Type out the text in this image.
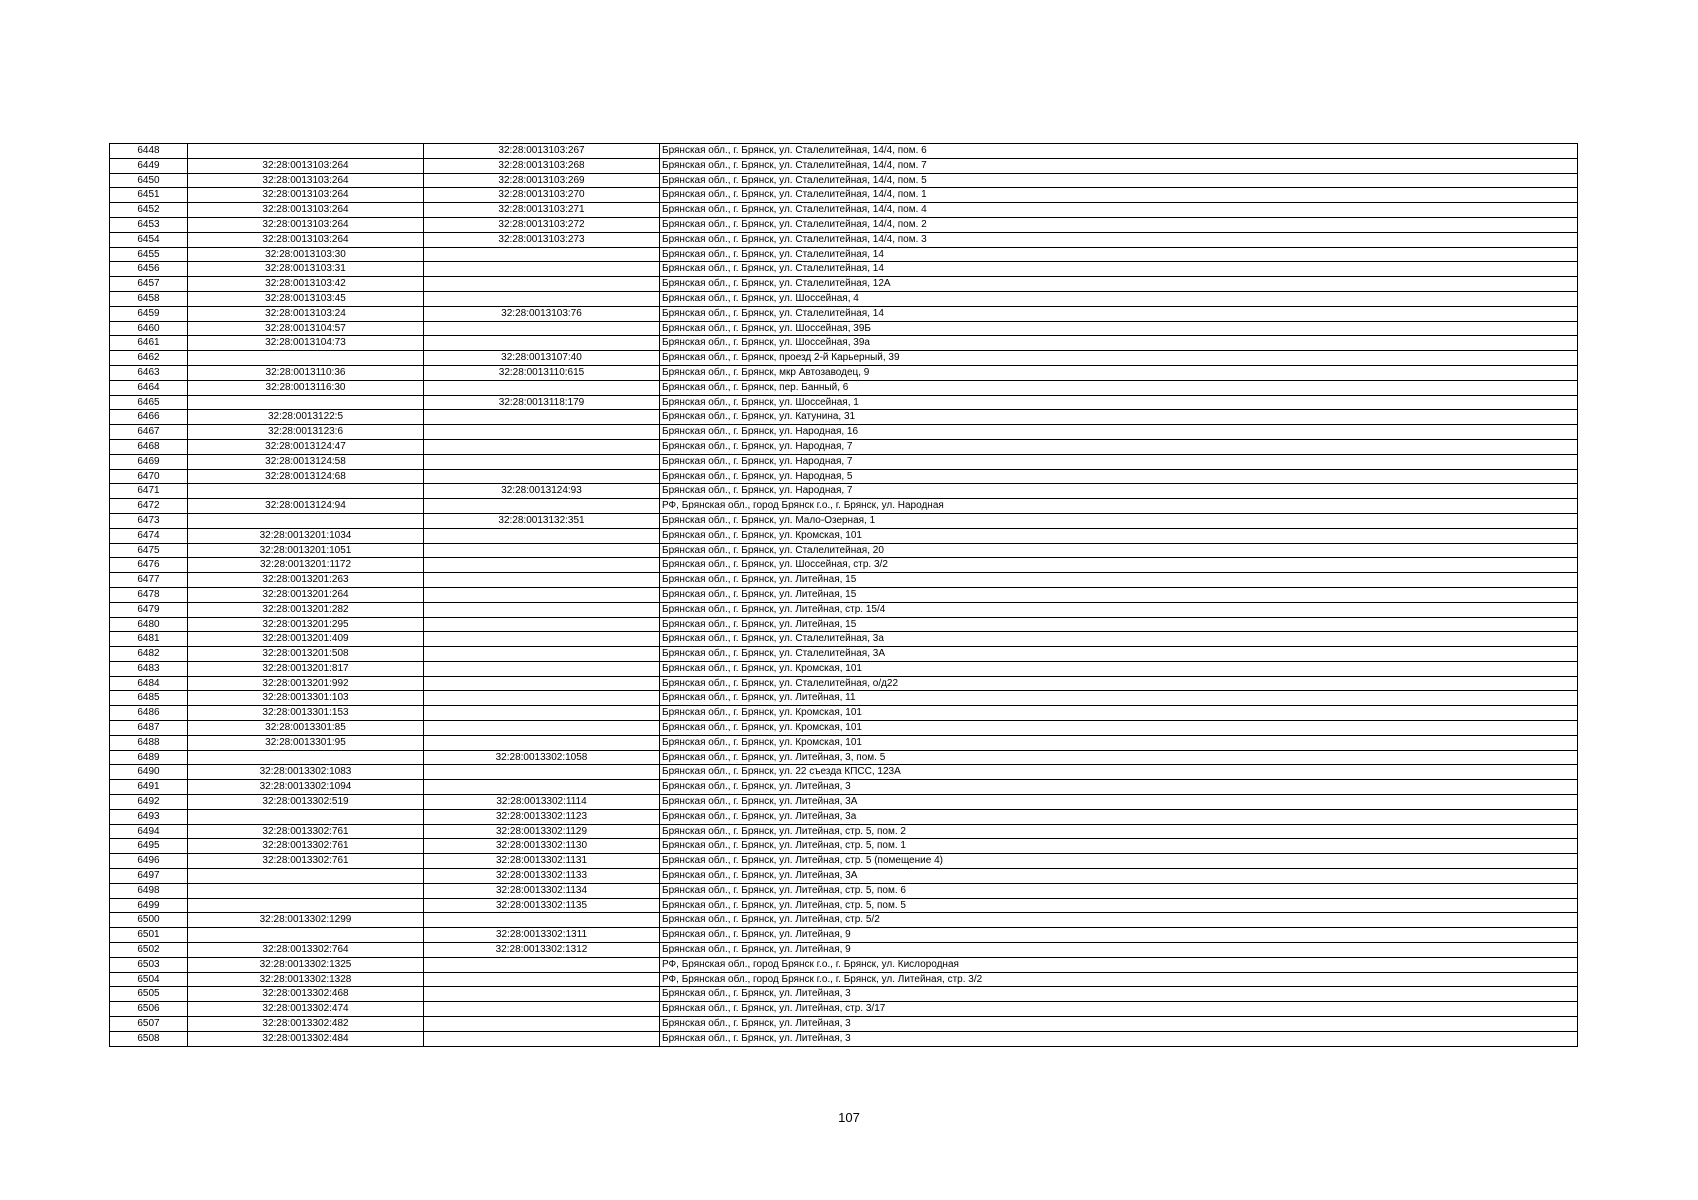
6448		32:28:0013103:267	Брянская обл., г. Брянск, ул. Сталелитейная, 14/4, пом. 6
6449	32:28:0013103:264	32:28:0013103:268	Брянская обл., г. Брянск, ул. Сталелитейная, 14/4, пом. 7
6450	32:28:0013103:264	32:28:0013103:269	Брянская обл., г. Брянск, ул. Сталелитейная, 14/4, пом. 5
6451	32:28:0013103:264	32:28:0013103:270	Брянская обл., г. Брянск, ул. Сталелитейная, 14/4, пом. 1
6452	32:28:0013103:264	32:28:0013103:271	Брянская обл., г. Брянск, ул. Сталелитейная, 14/4, пом. 4
6453	32:28:0013103:264	32:28:0013103:272	Брянская обл., г. Брянск, ул. Сталелитейная, 14/4, пом. 2
6454	32:28:0013103:264	32:28:0013103:273	Брянская обл., г. Брянск, ул. Сталелитейная, 14/4, пом. 3
6455	32:28:0013103:30		Брянская обл., г. Брянск, ул. Сталелитейная, 14
6456	32:28:0013103:31		Брянская обл., г. Брянск, ул. Сталелитейная, 14
6457	32:28:0013103:42		Брянская обл., г. Брянск, ул. Сталелитейная, 12А
6458	32:28:0013103:45		Брянская обл., г. Брянск, ул. Шоссейная, 4
6459	32:28:0013103:24	32:28:0013103:76	Брянская обл., г. Брянск, ул. Сталелитейная, 14
6460	32:28:0013104:57		Брянская обл., г. Брянск, ул. Шоссейная, 39Б
6461	32:28:0013104:73		Брянская обл., г. Брянск, ул. Шоссейная, 39а
6462		32:28:0013107:40	Брянская обл., г. Брянск, проезд 2-й Карьерный, 39
6463	32:28:0013110:36	32:28:0013110:615	Брянская обл., г. Брянск, мкр Автозаводец, 9
6464	32:28:0013116:30		Брянская обл., г. Брянск, пер. Банный, 6
6465		32:28:0013118:179	Брянская обл., г. Брянск, ул. Шоссейная, 1
6466	32:28:0013122:5		Брянская обл., г. Брянск, ул. Катунина, 31
6467	32:28:0013123:6		Брянская обл., г. Брянск, ул. Народная, 16
6468	32:28:0013124:47		Брянская обл., г. Брянск, ул. Народная, 7
6469	32:28:0013124:58		Брянская обл., г. Брянск, ул. Народная, 7
6470	32:28:0013124:68		Брянская обл., г. Брянск, ул. Народная, 5
6471		32:28:0013124:93	Брянская обл., г. Брянск, ул. Народная, 7
6472	32:28:0013124:94		РФ, Брянская обл., город Брянск г.о., г. Брянск, ул. Народная
6473		32:28:0013132:351	Брянская обл., г. Брянск, ул. Мало-Озерная, 1
6474	32:28:0013201:1034		Брянская обл., г. Брянск, ул. Кромская, 101
6475	32:28:0013201:1051		Брянская обл., г. Брянск, ул. Сталелитейная, 20
6476	32:28:0013201:1172		Брянская обл., г. Брянск, ул. Шоссейная, стр. 3/2
6477	32:28:0013201:263		Брянская обл., г. Брянск, ул. Литейная, 15
6478	32:28:0013201:264		Брянская обл., г. Брянск, ул. Литейная, 15
6479	32:28:0013201:282		Брянская обл., г. Брянск, ул. Литейная, стр. 15/4
6480	32:28:0013201:295		Брянская обл., г. Брянск, ул. Литейная, 15
6481	32:28:0013201:409		Брянская обл., г. Брянск, ул. Сталелитейная, 3а
6482	32:28:0013201:508		Брянская обл., г. Брянск, ул. Сталелитейная, 3А
6483	32:28:0013201:817		Брянская обл., г. Брянск, ул. Кромская, 101
6484	32:28:0013201:992		Брянская обл., г. Брянск, ул. Сталелитейная, о/д22
6485	32:28:0013301:103		Брянская обл., г. Брянск, ул. Литейная, 11
6486	32:28:0013301:153		Брянская обл., г. Брянск, ул. Кромская, 101
6487	32:28:0013301:85		Брянская обл., г. Брянск, ул. Кромская, 101
6488	32:28:0013301:95		Брянская обл., г. Брянск, ул. Кромская, 101
6489		32:28:0013302:1058	Брянская обл., г. Брянск, ул. Литейная, 3, пом. 5
6490	32:28:0013302:1083		Брянская обл., г. Брянск, ул. 22 съезда КПСС, 123А
6491	32:28:0013302:1094		Брянская обл., г. Брянск, ул. Литейная, 3
6492	32:28:0013302:519	32:28:0013302:1114	Брянская обл., г. Брянск, ул. Литейная, 3А
6493		32:28:0013302:1123	Брянская обл., г. Брянск, ул. Литейная, 3а
6494	32:28:0013302:761	32:28:0013302:1129	Брянская обл., г. Брянск, ул. Литейная, стр. 5, пом. 2
6495	32:28:0013302:761	32:28:0013302:1130	Брянская обл., г. Брянск, ул. Литейная, стр. 5, пом. 1
6496	32:28:0013302:761	32:28:0013302:1131	Брянская обл., г. Брянск, ул. Литейная, стр. 5 (помещение 4)
6497		32:28:0013302:1133	Брянская обл., г. Брянск, ул. Литейная, 3А
6498		32:28:0013302:1134	Брянская обл., г. Брянск, ул. Литейная, стр. 5, пом. 6
6499		32:28:0013302:1135	Брянская обл., г. Брянск, ул. Литейная, стр. 5, пом. 5
6500	32:28:0013302:1299		Брянская обл., г. Брянск, ул. Литейная, стр. 5/2
6501		32:28:0013302:1311	Брянская обл., г. Брянск, ул. Литейная, 9
6502	32:28:0013302:764	32:28:0013302:1312	Брянская обл., г. Брянск, ул. Литейная, 9
6503	32:28:0013302:1325		РФ, Брянская обл., город Брянск г.о., г. Брянск, ул. Кислородная
6504	32:28:0013302:1328		РФ, Брянская обл., город Брянск г.о., г. Брянск, ул. Литейная, стр. 3/2
6505	32:28:0013302:468		Брянская обл., г. Брянск, ул. Литейная, 3
6506	32:28:0013302:474		Брянская обл., г. Брянск, ул. Литейная, стр. 3/17
6507	32:28:0013302:482		Брянская обл., г. Брянск, ул. Литейная, 3
6508	32:28:0013302:484		Брянская обл., г. Брянск, ул. Литейная, 3
107
